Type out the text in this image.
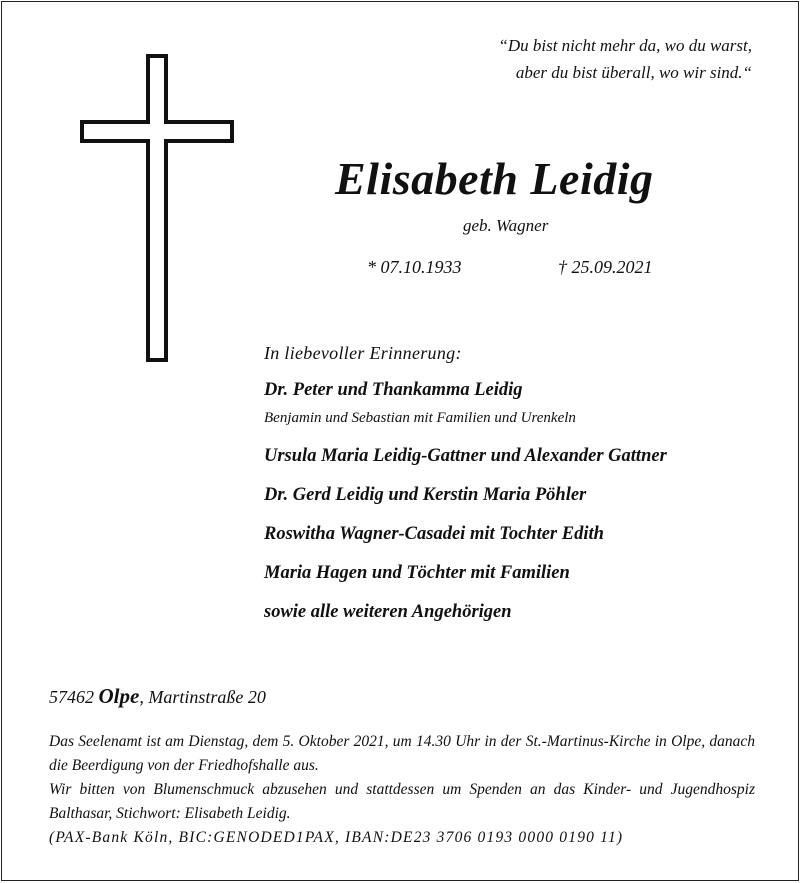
“Du bist nicht mehr da, wo du warst,
aber du bist überall, wo wir sind.“
Elisabeth Leidig
geb. Wagner
* 07.10.1933	† 25.09.2021
In liebevoller Erinnerung:
Dr. Peter und Thankamma Leidig
Benjamin und Sebastian mit Familien und Urenkeln
Ursula Maria Leidig-Gattner und Alexander Gattner
Dr. Gerd Leidig und Kerstin Maria Pöhler
Roswitha Wagner-Casadei mit Tochter Edith
Maria Hagen und Töchter mit Familien
sowie alle weiteren Angehörigen
57462 Olpe, Martinstraße 20

Das Seelenamt ist am Dienstag, dem 5. Oktober 2021, um 14.30 Uhr in der St.-Martinus-Kirche in Olpe, danach die Beerdigung von der Friedhofshalle aus.

Wir bitten von Blumenschmuck abzusehen und stattdessen um Spenden an das Kinder- und Jugendhospiz Balthasar, Stichwort: Elisabeth Leidig.

(PAX-Bank Köln, BIC:GENODED1PAX, IBAN:DE23 3706 0193 0000 0190 11)
